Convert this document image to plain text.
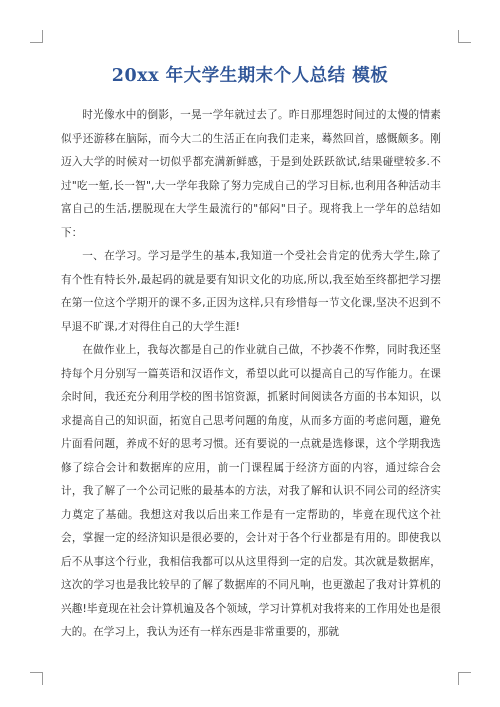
20xx 年大学生期末个人总结 模板

时光像水中的倒影，一晃一学年就过去了。昨日那埋怨时间过的太慢的情素似乎还游移在脑际，而今大二的生活正在向我们走来，蓦然回首，感慨颇多。刚迈入大学的时候对一切似乎都充满新鲜感，于是到处跃跃欲试,结果碰壁较多.不过"吃一堑,长一智",大一学年我除了努力完成自己的学习目标,也利用各种活动丰富自己的生活,摆脱现在大学生最流行的"郁闷"日子。现将我上一学年的总结如下：

一、在学习。学习是学生的基本,我知道一个受社会肯定的优秀大学生,除了有个性有特长外,最起码的就是要有知识文化的功底,所以,我至始至终都把学习摆在第一位这个学期开的课不多,正因为这样,只有珍惜每一节文化课,坚决不迟到不早退不旷课,才对得住自己的大学生涯!

在做作业上，我每次都是自己的作业就自己做，不抄袭不作弊，同时我还坚持每个月分别写一篇英语和汉语作文，希望以此可以提高自己的写作能力。在课余时间，我还充分利用学校的图书馆资源，抓紧时间阅读各方面的书本知识，以求提高自己的知识面，拓宽自己思考问题的角度，从而多方面的考虑问题，避免片面看问题，养成不好的思考习惯。还有要说的一点就是选修课，这个学期我选修了综合会计和数据库的应用，前一门课程属于经济方面的内容，通过综合会计，我了解了一个公司记账的最基本的方法，对我了解和认识不同公司的经济实力奠定了基础。我想这对我以后出来工作是有一定帮助的，毕竟在现代这个社会，掌握一定的经济知识是很必要的，会计对于各个行业都是有用的。即使我以后不从事这个行业，我相信我都可以从这里得到一定的启发。其次就是数据库，这次的学习也是我比较早的了解了数据库的不同凡响，也更激起了我对计算机的兴趣!毕竟现在社会计算机遍及各个领域，学习计算机对我将来的工作用处也是很大的。在学习上，我认为还有一样东西是非常重要的，那就
